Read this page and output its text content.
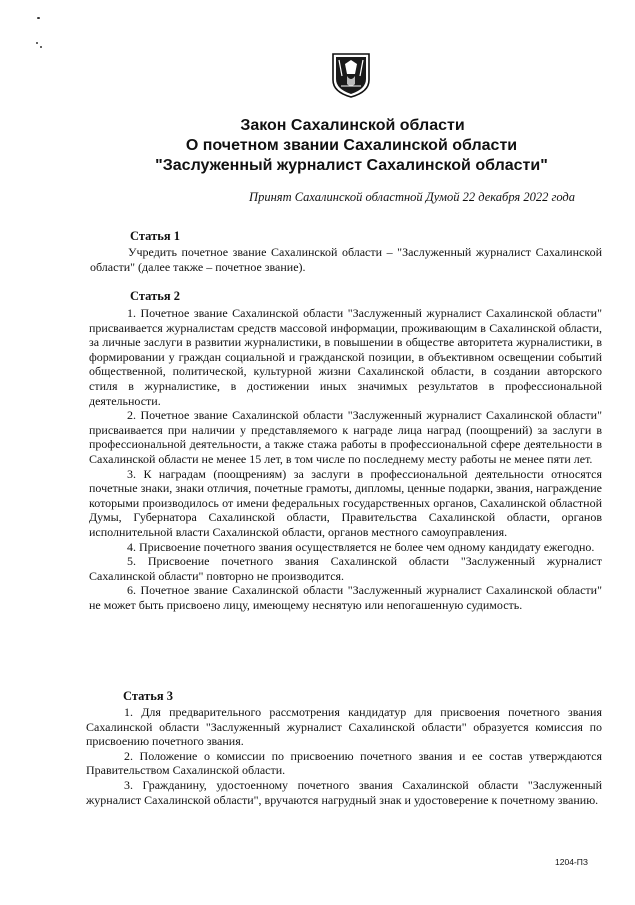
Закон Сахалинской области
О почетном звании Сахалинской области
"Заслуженный журналист Сахалинской области"
Принят Сахалинской областной Думой 22 декабря 2022 года
Статья 1

Учредить почетное звание Сахалинской области – "Заслуженный журналист Сахалинской области" (далее также – почетное звание).

Статья 2

1. Почетное звание Сахалинской области "Заслуженный журналист Сахалинской области" присваивается журналистам средств массовой информации, проживающим в Сахалинской области, за личные заслуги в развитии журналистики, в повышении в обществе авторитета журналистики, в формировании у граждан социальной и гражданской позиции, в объективном освещении событий общественной, политической, культурной жизни Сахалинской области, в создании авторского стиля в журналистике, в достижении иных значимых результатов в профессиональной деятельности.

2. Почетное звание Сахалинской области "Заслуженный журналист Сахалинской области" присваивается при наличии у представляемого к награде лица наград (поощрений) за заслуги в профессиональной деятельности, а также стажа работы в профессиональной сфере деятельности в Сахалинской области не менее 15 лет, в том числе по последнему месту работы не менее пяти лет.

3. К наградам (поощрениям) за заслуги в профессиональной деятельности относятся почетные знаки, знаки отличия, почетные грамоты, дипломы, ценные подарки, звания, награждение которыми производилось от имени федеральных государственных органов, Сахалинской областной Думы, Губернатора Сахалинской области, Правительства Сахалинской области, органов исполнительной власти Сахалинской области, органов местного самоуправления.

4. Присвоение почетного звания осуществляется не более чем одному кандидату ежегодно.

5. Присвоение почетного звания Сахалинской области "Заслуженный журналист Сахалинской области" повторно не производится.

6. Почетное звание Сахалинской области "Заслуженный журналист Сахалинской области" не может быть присвоено лицу, имеющему неснятую или непогашенную судимость.

Статья 3

1. Для предварительного рассмотрения кандидатур для присвоения почетного звания Сахалинской области "Заслуженный журналист Сахалинской области" образуется комиссия по присвоению почетного звания.

2. Положение о комиссии по присвоению почетного звания и ее состав утверждаются Правительством Сахалинской области.

3. Гражданину, удостоенному почетного звания Сахалинской области "Заслуженный журналист Сахалинской области", вручаются нагрудный знак и удостоверение к почетному званию.

1204-ПЗ
